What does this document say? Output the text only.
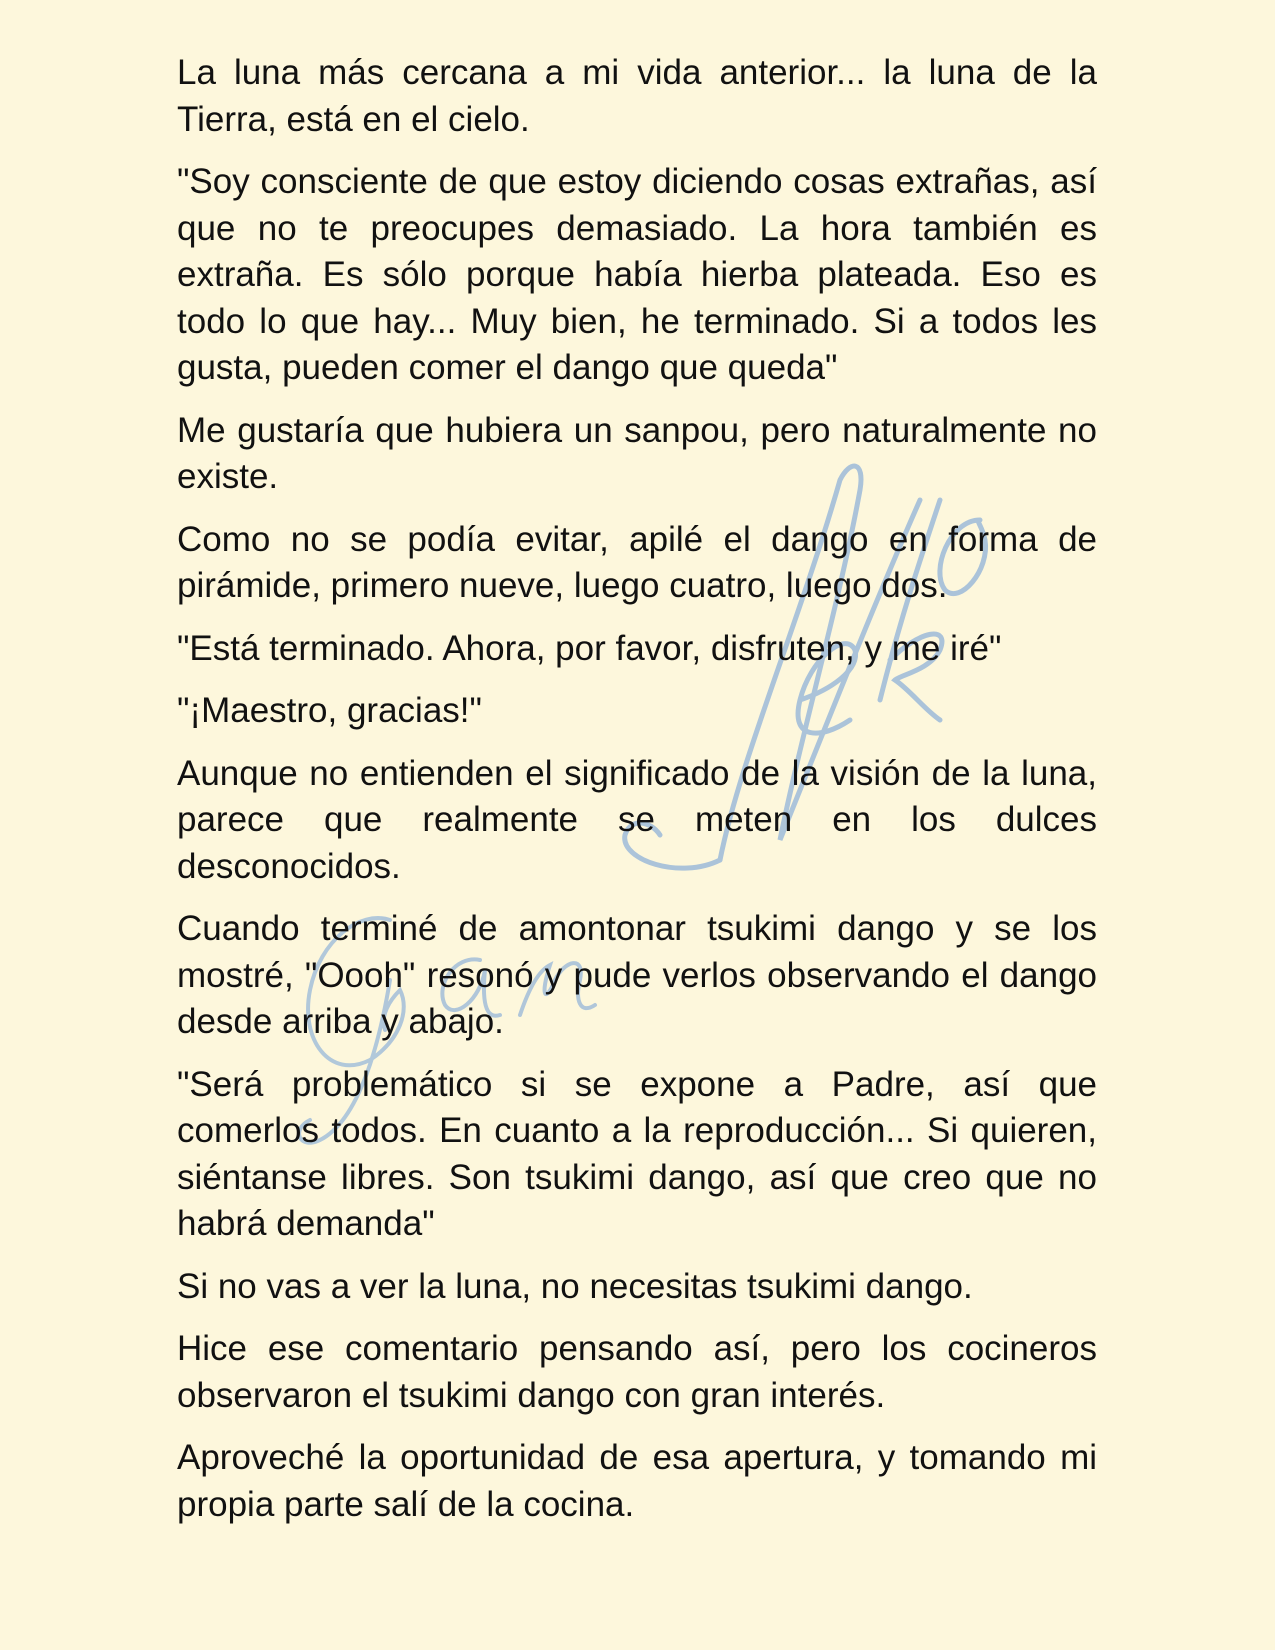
La luna más cercana a mi vida anterior... la luna de la Tierra, está en el cielo.

"Soy consciente de que estoy diciendo cosas extrañas, así que no te preocupes demasiado. La hora también es extraña. Es sólo porque había hierba plateada. Eso es todo lo que hay... Muy bien, he terminado. Si a todos les gusta, pueden comer el dango que queda"

Me gustaría que hubiera un sanpou, pero naturalmente no existe.

Como no se podía evitar, apilé el dango en forma de pirámide, primero nueve, luego cuatro, luego dos.

"Está terminado. Ahora, por favor, disfruten, y me iré"

"¡Maestro, gracias!"

Aunque no entienden el significado de la visión de la luna, parece que realmente se meten en los dulces desconocidos.

Cuando terminé de amontonar tsukimi dango y se los mostré, "Oooh" resonó y pude verlos observando el dango desde arriba y abajo.

"Será problemático si se expone a Padre, así que comerlos todos. En cuanto a la reproducción... Si quieren, siéntanse libres. Son tsukimi dango, así que creo que no habrá demanda"

Si no vas a ver la luna, no necesitas tsukimi dango.

Hice ese comentario pensando así, pero los cocineros observaron el tsukimi dango con gran interés.

Aproveché la oportunidad de esa apertura, y tomando mi propia parte salí de la cocina.
